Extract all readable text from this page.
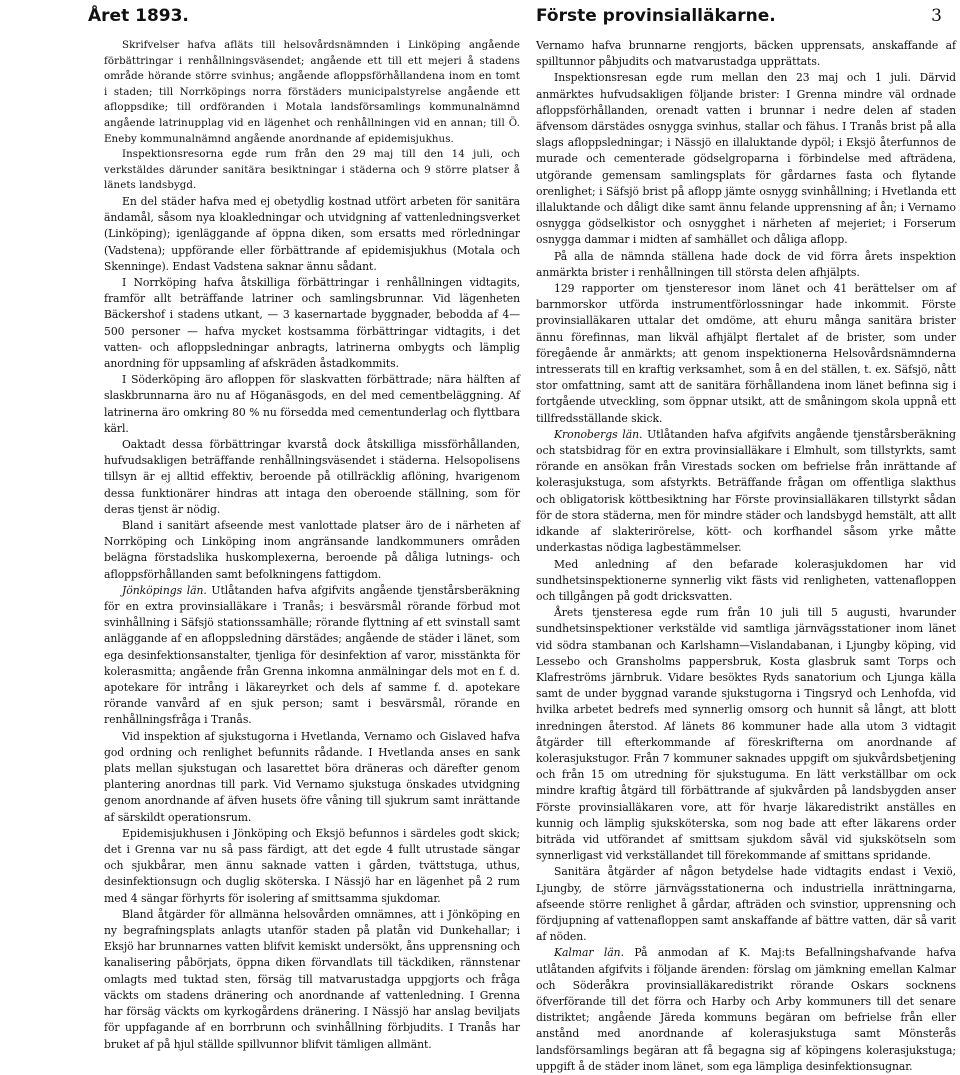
Året 1893.	Förste provinsialläkarne.	3

Skrifvelser hafva afläts till helsovårdsnämnden i Linköping angående förbättringar i renhållningsväsendet; angående ett till ett mejeri å stadens område hörande större svinhus; angående afloppsförhållandena inom en tomt i staden; till Norrköpings norra förstäders municipalstyrelse angående ett afloppsdike; till ordföranden i Motala landsförsamlings kommunalnämnd angående latrinupplag vid en lägenhet och renhållningen vid en annan; till Ö. Eneby kommunalnämnd angående anordnande af epidemisjukhus.

Inspektionsresorna egde rum från den 29 maj till den 14 juli, och verkstäldes därunder sanitära besiktningar i städerna och 9 större platser å länets landsbygd.

En del städer hafva med ej obetydlig kostnad utfört arbeten för sanitära ändamål, såsom nya kloakledningar och utvidgning af vattenledningsverket (Linköping); igenläggande af öppna diken, som ersatts med rörledningar (Vadstena); uppförande eller förbättrande af epidemisjukhus (Motala och Skenninge). Endast Vadstena saknar ännu sådant.

I Norrköping hafva åtskilliga förbättringar i renhållningen vidtagits, framför allt beträffande latriner och samlingsbrunnar. Vid lägenheten Bäckershof i stadens utkant, — 3 kasernartade byggnader, bebodda af 4—500 personer — hafva mycket kostsamma förbättringar vidtagits, i det vatten- och afloppsledningar anbragts, latrinerna ombygts och lämplig anordning för uppsamling af afskräden åstadkommits.

I Söderköping äro afloppen för slaskvatten förbättrade; nära hälften af slaskbrunnarna äro nu af Höganäsgods, en del med cementbeläggning. Af latrinerna äro omkring 80 % nu försedda med cementunderlag och flyttbara kärl.

Oaktadt dessa förbättringar kvarstå dock åtskilliga missförhållanden, hufvudsakligen beträffande renhållningsväsendet i städerna. Helsopolisens tillsyn är ej alltid effektiv, beroende på otillräcklig aflöning, hvarigenom dessa funktionärer hindras att intaga den oberoende ställning, som för deras tjenst är nödig.

Bland i sanitärt afseende mest vanlottade platser äro de i närheten af Norrköping och Linköping inom angränsande landkommuners områden belägna förstadslika huskomplexerna, beroende på dåliga lutnings- och afloppsförhållanden samt befolkningens fattigdom.

Jönköpings län. Utlåtanden hafva afgifvits angående tjenstårsberäkning för en extra provinsialläkare i Tranås; i besvärsmål rörande förbud mot svinhållning i Säfsjö stationssamhälle; rörande flyttning af ett svinstall samt anläggande af en afloppsledning därstädes; angående de städer i länet, som ega desinfektionsanstalter, tjenliga för desinfektion af varor, misstänkta för kolerasmitta; angående från Grenna inkomna anmälningar dels mot en f. d. apotekare för intrång i läkareyrket och dels af samme f. d. apotekare rörande vanvård af en sjuk person; samt i besvärsmål, rörande en renhållningsfråga i Tranås.

Vid inspektion af sjukstugorna i Hvetlanda, Vernamo och Gislaved hafva god ordning och renlighet befunnits rådande. I Hvetlanda anses en sank plats mellan sjukstugan och lasarettet böra dräneras och därefter genom plantering anordnas till park. Vid Vernamo sjukstuga önskades utvidgning genom anordnande af äfven husets öfre våning till sjukrum samt inrättande af särskildt operationsrum.

Epidemisjukhusen i Jönköping och Eksjö befunnos i särdeles godt skick; det i Grenna var nu så pass färdigt, att det egde 4 fullt utrustade sängar och sjukbårar, men ännu saknade vatten i gården, tvättstuga, uthus, desinfektionsugn och duglig sköterska. I Nässjö har en lägenhet på 2 rum med 4 sängar förhyrts för isolering af smittsamma sjukdomar.

Bland åtgärder för allmänna helsovården omnämnes, att i Jönköping en ny begrafningsplats anlagts utanför staden på platån vid Dunkehallar; i Eksjö har brunnarnes vatten blifvit kemiskt undersökt, åns upprensning och kanalisering påbörjats, öppna diken förvandlats till täckdiken, rännstenar omlagts med tuktad sten, försäg till matvarustadga uppgjorts och fråga väckts om stadens dränering och anordnande af vattenledning. I Grenna har försäg väckts om kyrkogårdens dränering. I Nässjö har anslag beviljats för uppfagande af en borrbrunn och svinhållning förbjudits. I Tranås har bruket af på hjul ställde spillvunnor blifvit tämligen allmänt.

Vernamo hafva brunnarne rengjorts, bäcken upprensats, anskaffande af spilltunnor påbjudits och matvarustadga upprättats.

Inspektionsresan egde rum mellan den 23 maj och 1 juli. Därvid anmärktes hufvudsakligen följande brister: I Grenna mindre väl ordnade afloppsförhållanden, orenadt vatten i brunnar i nedre delen af staden äfvensom därstädes osnygga svinhus, stallar och fähus. I Tranås brist på alla slags afloppsledningar; i Nässjö en illaluktande dypöl; i Eksjö återfunnos de murade och cementerade gödselgroparna i förbindelse med afträdena, utgörande gemensam samlingsplats för gårdarnes fasta och flytande orenlighet; i Säfsjö brist på aflopp jämte osnygg svinhållning; i Hvetlanda ett illaluktande och dåligt dike samt ännu felande upprensning af ån; i Vernamo osnygga gödselkistor och osnygghet i närheten af mejeriet; i Forserum osnygga dammar i midten af samhället och dåliga aflopp.

På alla de nämnda ställena hade dock de vid förra årets inspektion anmärkta brister i renhållningen till största delen afhjälpts.

129 rapporter om tjensteresor inom länet och 41 berättelser om af barnmorskor utförda instrumentförlossningar hade inkommit. Förste provinsialläkaren uttalar det omdöme, att ehuru många sanitära brister ännu förefinnas, man likväl afhjälpt flertalet af de brister, som under föregående år anmärkts; att genom inspektionerna Helsovårdsnämnderna intresserats till en kraftig verksamhet, som å en del ställen, t. ex. Säfsjö, nått stor omfattning, samt att de sanitära förhållandena inom länet befinna sig i fortgående utveckling, som öppnar utsikt, att de småningom skola uppnå ett tillfredsställande skick.

Kronobergs län. Utlåtanden hafva afgifvits angående tjenstårsberäkning och statsbidrag för en extra provinsialläkare i Elmhult, som tillstyrkts, samt rörande en ansökan från Virestads socken om befrielse från inrättande af kolerasjukstuga, som afstyrkts. Beträffande frågan om offentliga slakthus och obligatorisk köttbesiktning har Förste provinsialläkaren tillstyrkt sådan för de stora städerna, men för mindre städer och landsbygd hemstält, att allt idkande af slakterirörelse, kött- och korfhandel såsom yrke måtte underkastas nödiga lagbestämmelser.

Med anledning af den befarade kolerasjukdomen har vid sundhetsinspektionerne synnerlig vikt fästs vid renligheten, vattenafloppen och tillgången på godt dricksvatten.

Årets tjensteresa egde rum från 10 juli till 5 augusti, hvarunder sundhetsinspektioner verkstälde vid samtliga järnvägsstationer inom länet vid södra stambanan och Karlshamn—Vislandabanan, i Ljungby köping, vid Lessebo och Gransholms pappersbruk, Kosta glasbruk samt Torps och Klafreströms järnbruk. Vidare besöktes Ryds sanatorium och Ljunga källa samt de under byggnad varande sjukstugorna i Tingsryd och Lenhofda, vid hvilka arbetet bedrefs med synnerlig omsorg och hunnit så långt, att blott inredningen återstod. Af länets 86 kommuner hade alla utom 3 vidtagit åtgärder till efterkommande af föreskrifterna om anordnande af kolerasjukstugor. Från 7 kommuner saknades uppgift om sjukvårdsbetjening och från 15 om utredning för sjukstuguma. En lätt verkställbar om ock mindre kraftig åtgärd till förbättrande af sjukvården på landsbygden anser Förste provinsialläkaren vore, att för hvarje läkaredistrikt anställes en kunnig och lämplig sjuksköterska, som nog bade att efter läkarens order biträda vid utförandet af smittsam sjukdom såväl vid sjukskötseln som synnerligast vid verkställandet till förekommande af smittans spridande.

Sanitära åtgärder af någon betydelse hade vidtagits endast i Vexiö, Ljungby, de större järnvägsstationerna och industriella inrättningarna, afseende större renlighet å gårdar, afträden och svinstior, upprensning och fördjupning af vattenafloppen samt anskaffande af bättre vatten, där så varit af nöden.

Kalmar län. På anmodan af K. Maj:ts Befallningshafvande hafva utlåtanden afgifvits i följande ärenden: förslag om jämkning emellan Kalmar och Söderåkra provinsialläkaredistrikt rörande Oskars socknens öfverförande till det förra och Harby och Arby kommuners till det senare distriktet; angående Järeda kommuns begäran om befrielse från eller anstånd med anordnande af kolerasjukstuga samt Mönsterås landsförsamlings begäran att få begagna sig af köpingens kolerasjukstuga; uppgift å de städer inom länet, som ega lämpliga desinfektionsugnar.
